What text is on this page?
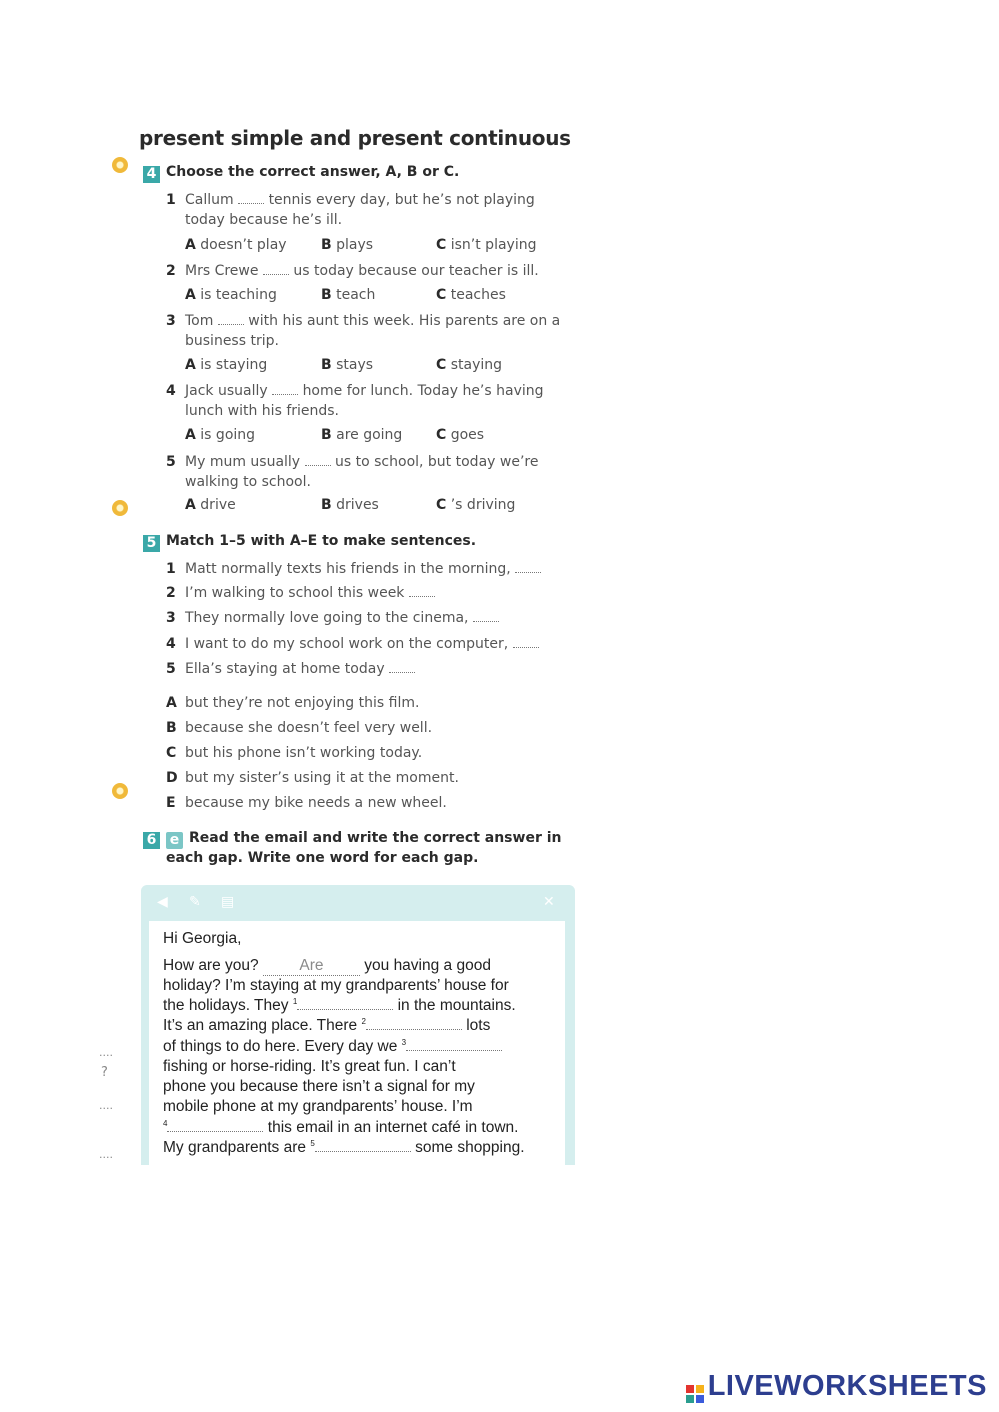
present simple and present continuous
4 Choose the correct answer, A, B or C.
1 Callum tennis every day, but he’s not playing today because he’s ill.
A doesn’t play B plays	C isn’t playing
2 Mrs Crewe us today because our teacher is ill.
A is teaching	B teach	C teaches
3 Tom with his aunt this week. His parents are on a business trip.
A is staying	B stays	C staying
4 Jack usually home for lunch. Today he’s having lunch with his friends.
A is going	B are going C goes
5 My mum usually us to school, but today we’re walking to school.
A drive	B drives	C ’s driving
5 Match 1–5 with A–E to make sentences.
1 Matt normally texts his friends in the morning,
2 I’m walking to school this week
3 They normally love going to the cinema,
4 I want to do my school work on the computer,
5 Ella’s staying at home today
A but they’re not enjoying this film.
B because she doesn’t feel very well.
C but his phone isn’t working today.
D but my sister’s using it at the moment.
E because my bike needs a new wheel.
6 e Read the email and write the correct answer in
each gap. Write one word for each gap.
◀ ✎ ▤	✕
Hi Georgia,
How are you?	Are	you having a good
holiday? I’m staying at my grandparents’ house for
the holidays. They $^1$	in the mountains.
It’s an amazing place. There $^2$	lots
of things to do here. Every day we $^3$
fishing or horse-riding. It’s great fun. I can’t
phone you because there isn’t a signal for my
mobile phone at my grandparents’ house. I’m
$^4$	this email in an internet café in town.
My grandparents are $^5$	some shopping.
....
?
....
....
LIVEWORKSHEETS
